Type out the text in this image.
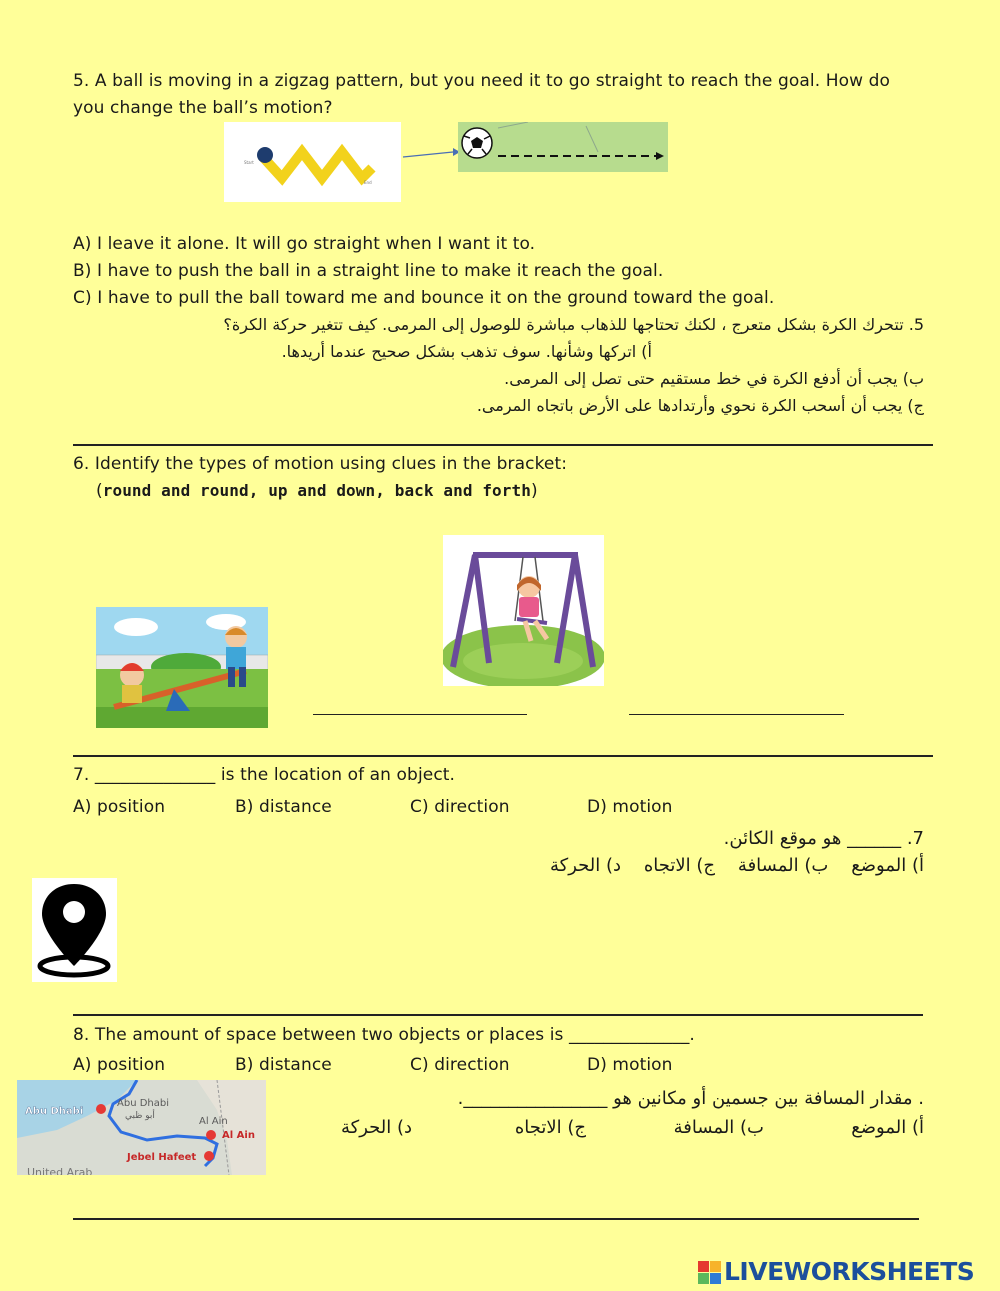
5. A ball is moving in a zigzag pattern, but you need it to go straight to reach the goal. How do
you change the ball’s motion?
Start
End
A) I leave it alone. It will go straight when I want it to.
B) I have to push the ball in a straight line to make it reach the goal.
C) I have to pull the ball toward me and bounce it on the ground toward the goal.
5. تتحرك الكرة بشكل متعرج ، لكنك تحتاجها للذهاب مباشرة للوصول إلى المرمى. كيف تتغير حركة الكرة؟
أ) اتركها وشأنها. سوف تذهب بشكل صحيح عندما أريدها.
ب) يجب أن أدفع الكرة في خط مستقيم حتى تصل إلى المرمى.
ج) يجب أن أسحب الكرة نحوي وأرتدادها على الأرض باتجاه المرمى.
6. Identify the types of motion using clues in the bracket:
(round and round, up and down, back and forth)
7. ______________ is the location of an object.
A) position	B) distance	C) direction	D) motion
7. ______ هو موقع الكائن.
أ) الموضع    ب) المسافة    ج) الاتجاه    د) الحركة
8. The amount of space between two objects or places is ______________.
A) position	B) distance	C) direction	D) motion
Abu Dhabi
Abu Dhabi
أبو ظبي	Al Ain
Al Ain
Jebel Hafeet
United Arab
. مقدار المسافة بين جسمين أو مكانين هو ________________.
أ) الموضع
ب) المسافة
ج) الاتجاه
د) الحركة
LIVEWORKSHEETS
